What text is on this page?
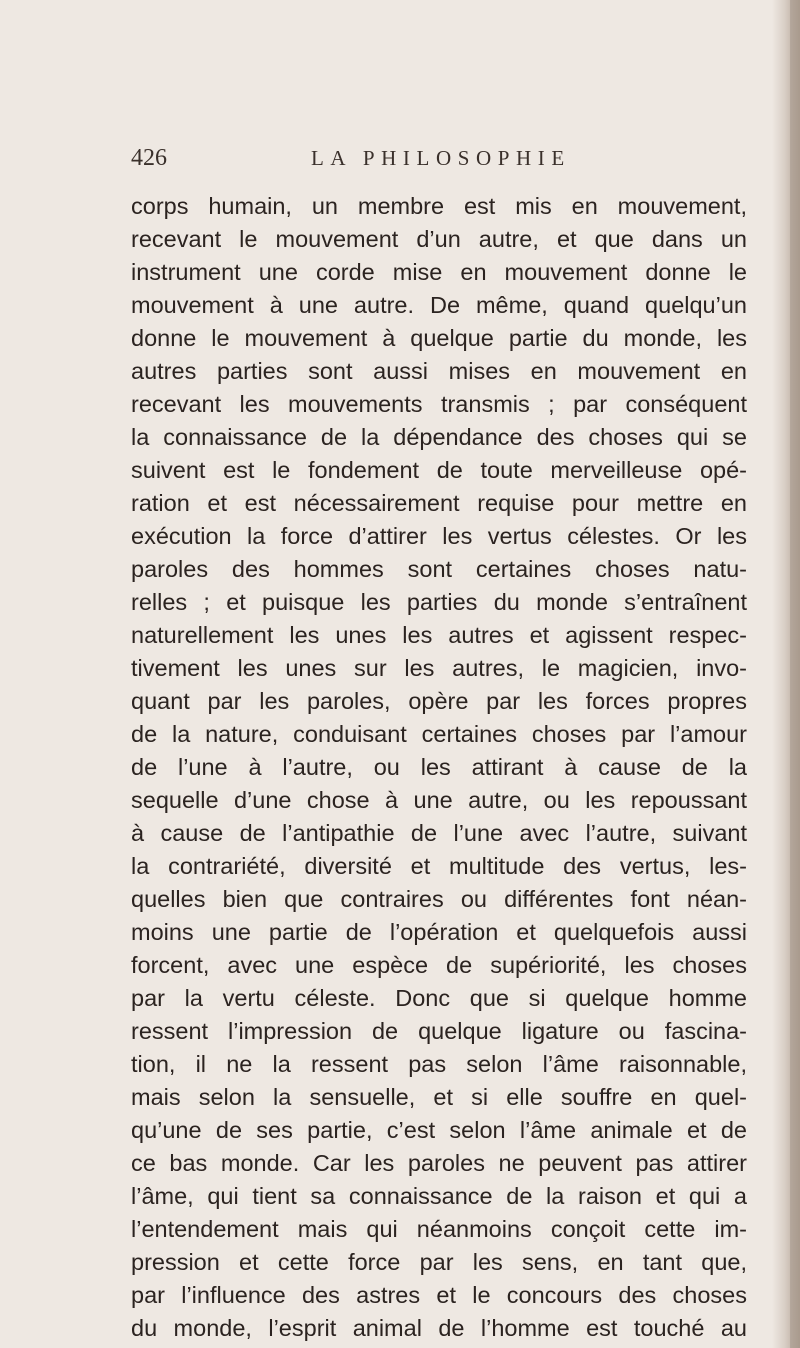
426	LA PHILOSOPHIE
corps humain, un membre est mis en mouvement,
recevant le mouvement d’un autre, et que dans un
instrument une corde mise en mouvement donne le
mouvement à une autre. De même, quand quelqu’un
donne le mouvement à quelque partie du monde, les
autres parties sont aussi mises en mouvement en
recevant les mouvements transmis ; par conséquent
la connaissance de la dépendance des choses qui se
suivent est le fondement de toute merveilleuse opé-
ration et est nécessairement requise pour mettre en
exécution la force d’attirer les vertus célestes. Or les
paroles des hommes sont certaines choses natu-
relles ; et puisque les parties du monde s’entraînent
naturellement les unes les autres et agissent respec-
tivement les unes sur les autres, le magicien, invo-
quant par les paroles, opère par les forces propres
de la nature, conduisant certaines choses par l’amour
de l’une à l’autre, ou les attirant à cause de la
sequelle d’une chose à une autre, ou les repoussant
à cause de l’antipathie de l’une avec l’autre, suivant
la contrariété, diversité et multitude des vertus, les-
quelles bien que contraires ou différentes font néan-
moins une partie de l’opération et quelquefois aussi
forcent, avec une espèce de supériorité, les choses
par la vertu céleste. Donc que si quelque homme
ressent l’impression de quelque ligature ou fascina-
tion, il ne la ressent pas selon l’âme raisonnable,
mais selon la sensuelle, et si elle souffre en quel-
qu’une de ses partie, c’est selon l’âme animale et de
ce bas monde. Car les paroles ne peuvent pas attirer
l’âme, qui tient sa connaissance de la raison et qui a
l’entendement mais qui néanmoins conçoit cette im-
pression et cette force par les sens, en tant que,
par l’influence des astres et le concours des choses
du monde, l’esprit animal de l’homme est touché au
